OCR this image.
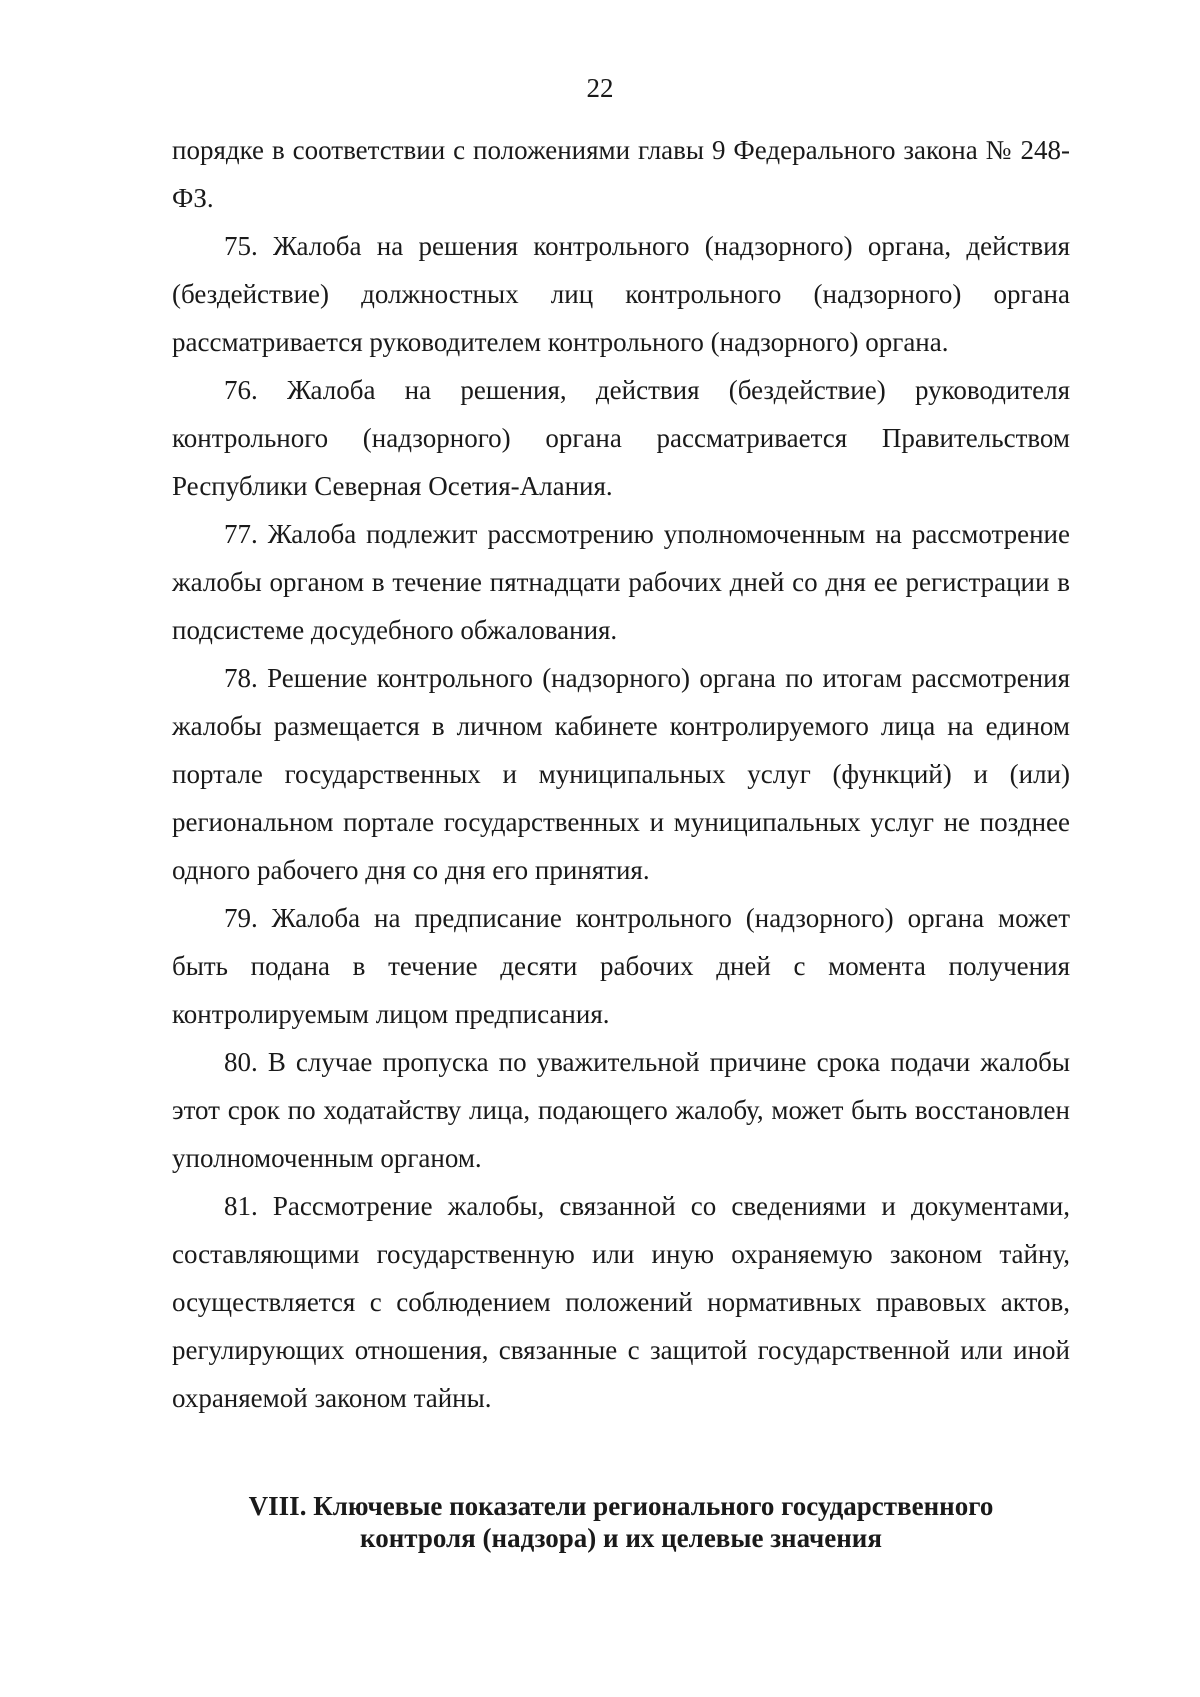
22

порядке в соответствии с положениями главы 9 Федерального закона № 248-ФЗ.

75. Жалоба на решения контрольного (надзорного) органа, действия (бездействие) должностных лиц контрольного (надзорного) органа рассматривается руководителем контрольного (надзорного) органа.

76. Жалоба на решения, действия (бездействие) руководителя контрольного (надзорного) органа рассматривается Правительством Республики Северная Осетия-Алания.

77. Жалоба подлежит рассмотрению уполномоченным на рассмотрение жалобы органом в течение пятнадцати рабочих дней со дня ее регистрации в подсистеме досудебного обжалования.

78. Решение контрольного (надзорного) органа по итогам рассмотрения жалобы размещается в личном кабинете контролируемого лица на едином портале государственных и муниципальных услуг (функций) и (или) региональном портале государственных и муниципальных услуг не позднее одного рабочего дня со дня его принятия.

79. Жалоба на предписание контрольного (надзорного) органа может быть подана в течение десяти рабочих дней с момента получения контролируемым лицом предписания.

80. В случае пропуска по уважительной причине срока подачи жалобы этот срок по ходатайству лица, подающего жалобу, может быть восстановлен уполномоченным органом.

81. Рассмотрение жалобы, связанной со сведениями и документами, составляющими государственную или иную охраняемую законом тайну, осуществляется с соблюдением положений нормативных правовых актов, регулирующих отношения, связанные с защитой государственной или иной охраняемой законом тайны.

VIII. Ключевые показатели регионального государственного
контроля (надзора) и их целевые значения
